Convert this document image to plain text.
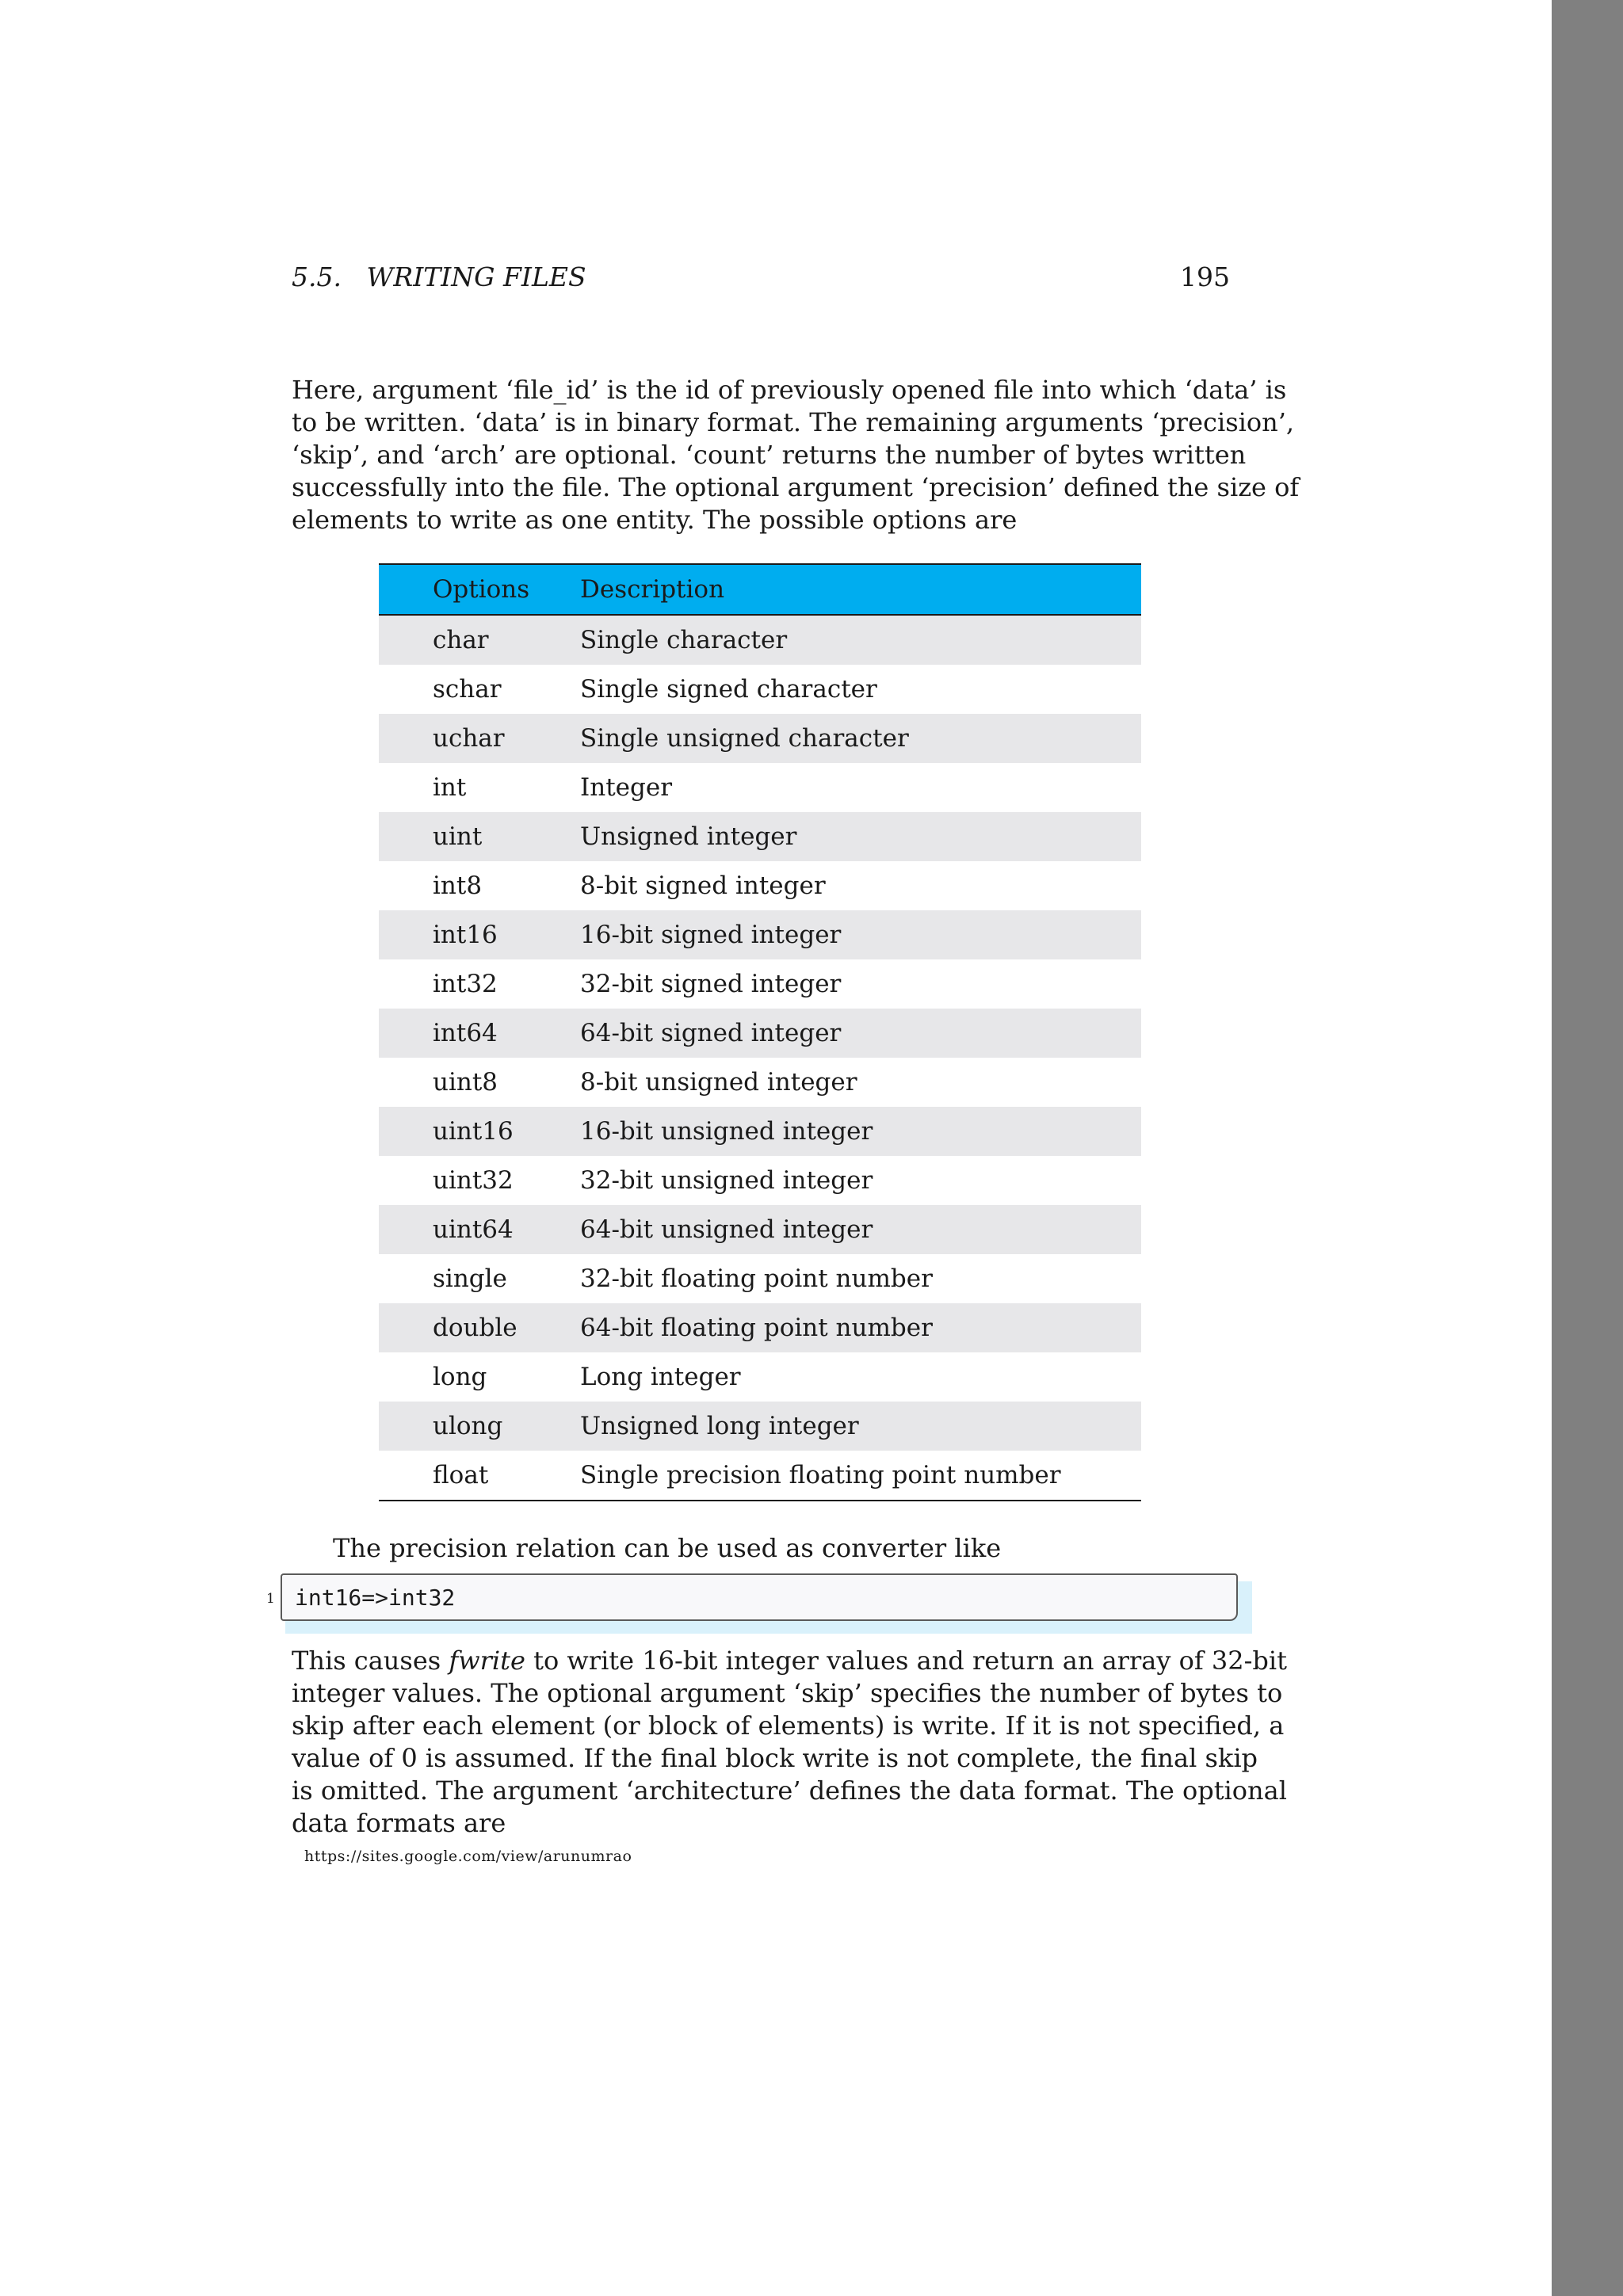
5.5.   WRITING FILES	195
Here, argument ‘file_id’ is the id of previously opened file into which ‘data’ is
to be written. ‘data’ is in binary format. The remaining arguments ‘precision’,
‘skip’, and ‘arch’ are optional. ‘count’ returns the number of bytes written
successfully into the file. The optional argument ‘precision’ defined the size of
elements to write as one entity. The possible options are
Options	Description
char	Single character
schar	Single signed character
uchar	Single unsigned character
int	Integer
uint	Unsigned integer
int8	8-bit signed integer
int16	16-bit signed integer
int32	32-bit signed integer
int64	64-bit signed integer
uint8	8-bit unsigned integer
uint16	16-bit unsigned integer
uint32	32-bit unsigned integer
uint64	64-bit unsigned integer
single	32-bit floating point number
double	64-bit floating point number
long	Long integer
ulong	Unsigned long integer
float	Single precision floating point number
The precision relation can be used as converter like
1 int16=>int32
This causes fwrite to write 16-bit integer values and return an array of 32-bit
integer values. The optional argument ‘skip’ specifies the number of bytes to
skip after each element (or block of elements) is write. If it is not specified, a
value of 0 is assumed. If the final block write is not complete, the final skip
is omitted. The argument ‘architecture’ defines the data format. The optional
data formats are
https://sites.google.com/view/arunumrao
